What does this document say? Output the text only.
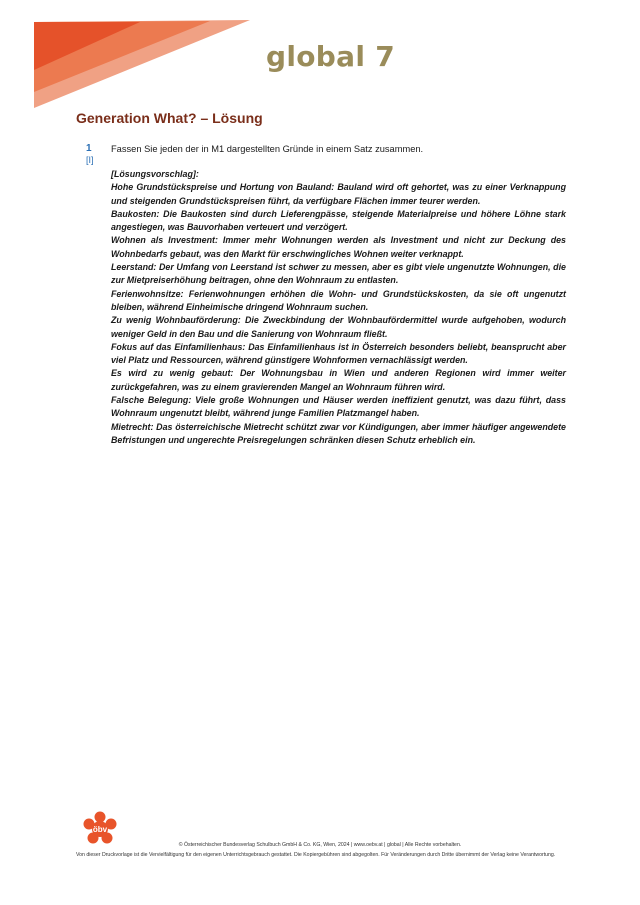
global 7
Generation What? – Lösung
1
[I]
Fassen Sie jeden der in M1 dargestellten Gründe in einem Satz zusammen.

[Lösungsvorschlag]:

Hohe Grundstückspreise und Hortung von Bauland: Bauland wird oft gehortet, was zu einer Verknappung und steigenden Grundstückspreisen führt, da verfügbare Flächen immer teurer werden.

Baukosten: Die Baukosten sind durch Lieferengpässe, steigende Materialpreise und höhere Löhne stark angestiegen, was Bauvorhaben verteuert und verzögert.

Wohnen als Investment: Immer mehr Wohnungen werden als Investment und nicht zur Deckung des Wohnbedarfs gebaut, was den Markt für erschwingliches Wohnen weiter verknappt.

Leerstand: Der Umfang von Leerstand ist schwer zu messen, aber es gibt viele ungenutzte Wohnungen, die zur Mietpreiserhöhung beitragen, ohne den Wohnraum zu entlasten.

Ferienwohnsitze: Ferienwohnungen erhöhen die Wohn- und Grundstückskosten, da sie oft ungenutzt bleiben, während Einheimische dringend Wohnraum suchen.

Zu wenig Wohnbauförderung: Die Zweckbindung der Wohnbaufördermittel wurde aufgehoben, wodurch weniger Geld in den Bau und die Sanierung von Wohnraum fließt.

Fokus auf das Einfamilienhaus: Das Einfamilienhaus ist in Österreich besonders beliebt, beansprucht aber viel Platz und Ressourcen, während günstigere Wohnformen vernachlässigt werden.

Es wird zu wenig gebaut: Der Wohnungsbau in Wien und anderen Regionen wird immer weiter zurückgefahren, was zu einem gravierenden Mangel an Wohnraum führen wird.

Falsche Belegung: Viele große Wohnungen und Häuser werden ineffizient genutzt, was dazu führt, dass Wohnraum ungenutzt bleibt, während junge Familien Platzmangel haben.

Mietrecht: Das österreichische Mietrecht schützt zwar vor Kündigungen, aber immer häufiger angewendete Befristungen und ungerechte Preisregelungen schränken diesen Schutz erheblich ein.

öbv
© Österreichischer Bundesverlag Schulbuch GmbH & Co. KG, Wien, 2024 | www.oebv.at | global | Alle Rechte vorbehalten.
Von dieser Druckvorlage ist die Vervielfältigung für den eigenen Unterrichtsgebrauch gestattet. Die Kopiergebühren sind abgegolten. Für Veränderungen durch Dritte übernimmt der Verlag keine Verantwortung.
